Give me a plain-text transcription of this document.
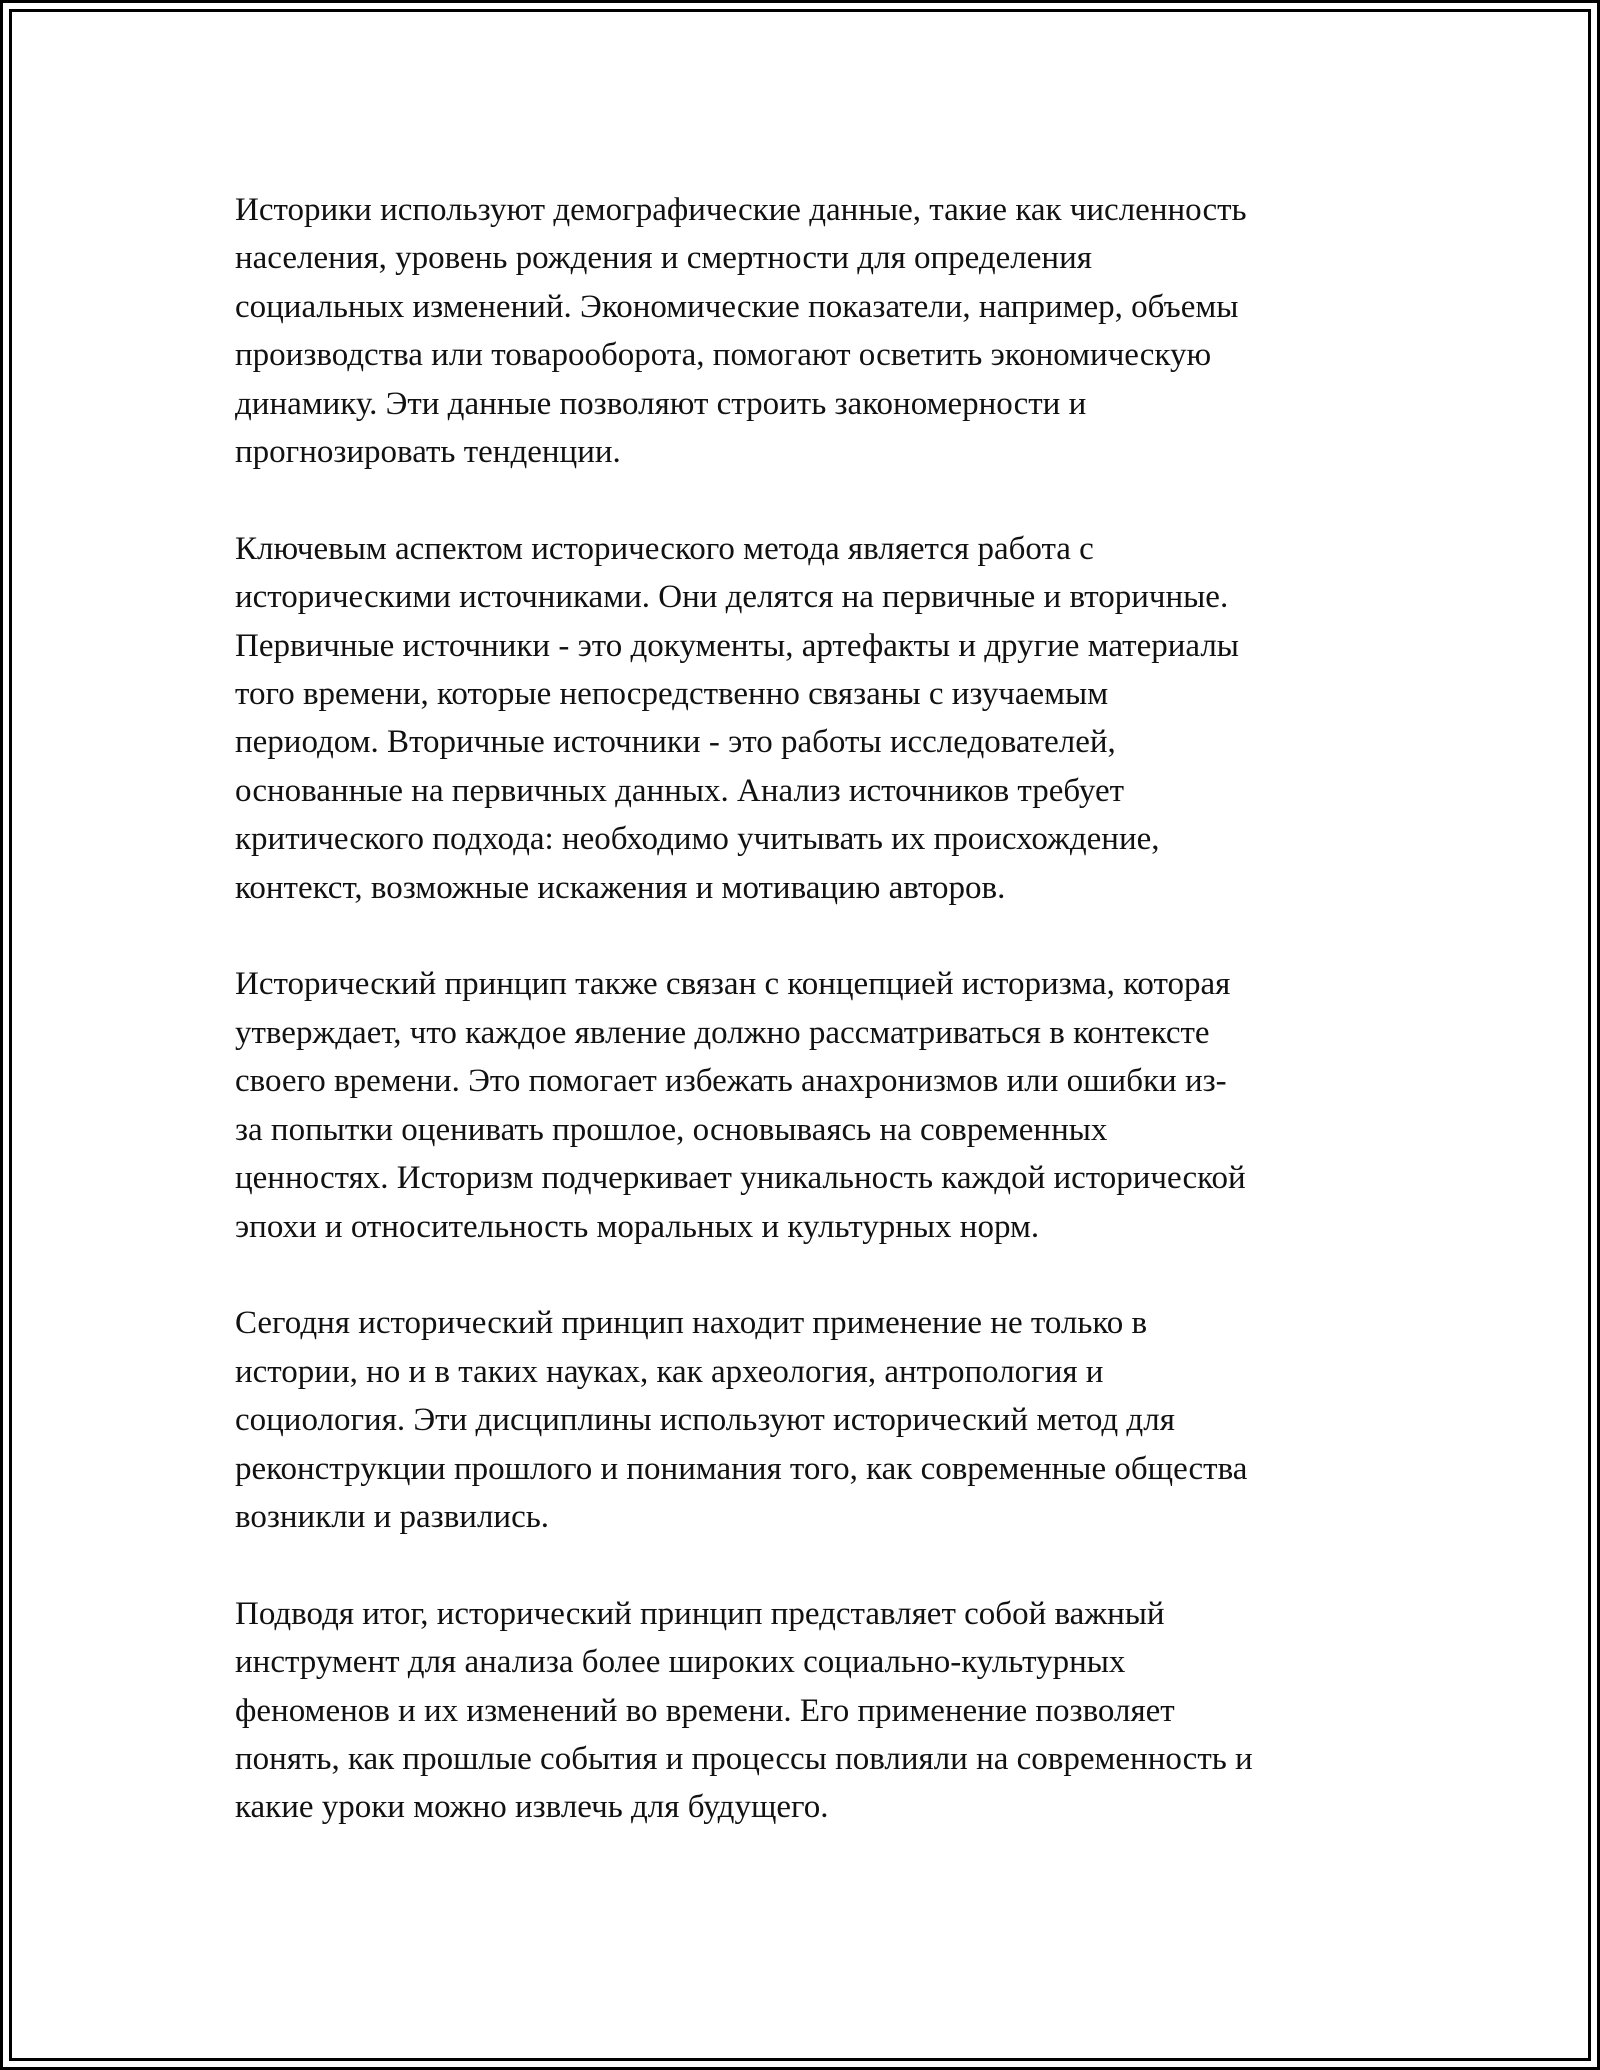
Историки используют демографические данные, такие как численность
населения, уровень рождения и смертности для определения
социальных изменений. Экономические показатели, например, объемы
производства или товарооборота, помогают осветить экономическую
динамику. Эти данные позволяют строить закономерности и
прогнозировать тенденции.

Ключевым аспектом исторического метода является работа с
историческими источниками. Они делятся на первичные и вторичные.
Первичные источники - это документы, артефакты и другие материалы
того времени, которые непосредственно связаны с изучаемым
периодом. Вторичные источники - это работы исследователей,
основанные на первичных данных. Анализ источников требует
критического подхода: необходимо учитывать их происхождение,
контекст, возможные искажения и мотивацию авторов.

Исторический принцип также связан с концепцией историзма, которая
утверждает, что каждое явление должно рассматриваться в контексте
своего времени. Это помогает избежать анахронизмов или ошибки из-
за попытки оценивать прошлое, основываясь на современных
ценностях. Историзм подчеркивает уникальность каждой исторической
эпохи и относительность моральных и культурных норм.

Сегодня исторический принцип находит применение не только в
истории, но и в таких науках, как археология, антропология и
социология. Эти дисциплины используют исторический метод для
реконструкции прошлого и понимания того, как современные общества
возникли и развились.

Подводя итог, исторический принцип представляет собой важный
инструмент для анализа более широких социально-культурных
феноменов и их изменений во времени. Его применение позволяет
понять, как прошлые события и процессы повлияли на современность и
какие уроки можно извлечь для будущего.
